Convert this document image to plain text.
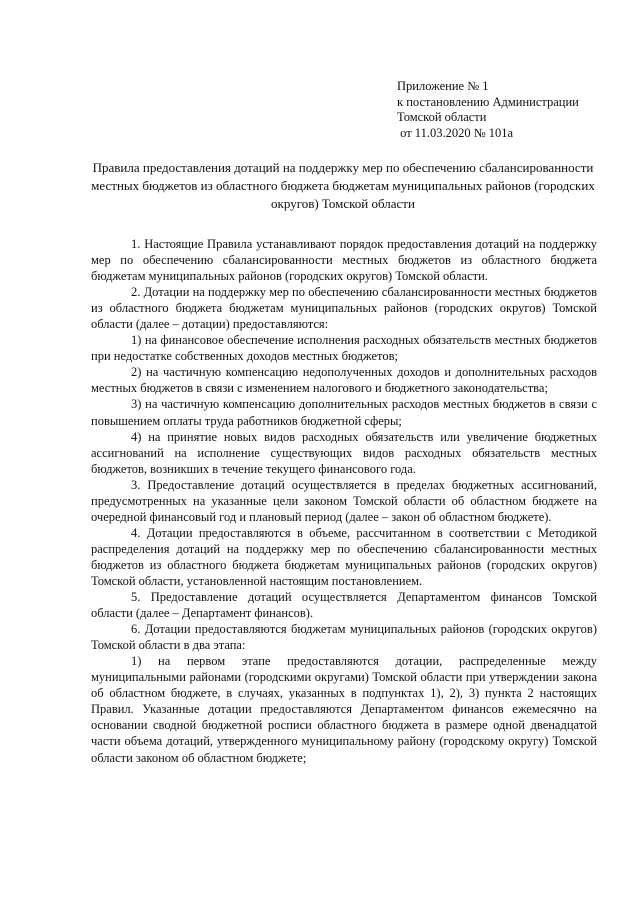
Приложение № 1
к постановлению Администрации
Томской области
от 11.03.2020 № 101а
Правила предоставления дотаций на поддержку мер по обеспечению сбалансированности местных бюджетов из областного бюджета бюджетам муниципальных районов (городских округов) Томской области

1. Настоящие Правила устанавливают порядок предоставления дотаций на поддержку мер по обеспечению сбалансированности местных бюджетов из областного бюджета бюджетам муниципальных районов (городских округов) Томской области.

2. Дотации на поддержку мер по обеспечению сбалансированности местных бюджетов из областного бюджета бюджетам муниципальных районов (городских округов) Томской области (далее – дотации) предоставляются:

1) на финансовое обеспечение исполнения расходных обязательств местных бюджетов при недостатке собственных доходов местных бюджетов;

2) на частичную компенсацию недополученных доходов и дополнительных расходов местных бюджетов в связи с изменением налогового и бюджетного законодательства;

3) на частичную компенсацию дополнительных расходов местных бюджетов в связи с повышением оплаты труда работников бюджетной сферы;

4) на принятие новых видов расходных обязательств или увеличение бюджетных ассигнований на исполнение существующих видов расходных обязательств местных бюджетов, возникших в течение текущего финансового года.

3. Предоставление дотаций осуществляется в пределах бюджетных ассигнований, предусмотренных на указанные цели законом Томской области об областном бюджете на очередной финансовый год и плановый период (далее – закон об областном бюджете).

4. Дотации предоставляются в объеме, рассчитанном в соответствии с Методикой распределения дотаций на поддержку мер по обеспечению сбалансированности местных бюджетов из областного бюджета бюджетам муниципальных районов (городских округов) Томской области, установленной настоящим постановлением.

5. Предоставление дотаций осуществляется Департаментом финансов Томской области (далее – Департамент финансов).

6. Дотации предоставляются бюджетам муниципальных районов (городских округов) Томской области в два этапа:

1) на первом этапе предоставляются дотации, распределенные между муниципальными районами (городскими округами) Томской области при утверждении закона об областном бюджете, в случаях, указанных в подпунктах 1), 2), 3) пункта 2 настоящих Правил. Указанные дотации предоставляются Департаментом финансов ежемесячно на основании сводной бюджетной росписи областного бюджета в размере одной двенадцатой части объема дотаций, утвержденного муниципальному району (городскому округу) Томской области законом об областном бюджете;
